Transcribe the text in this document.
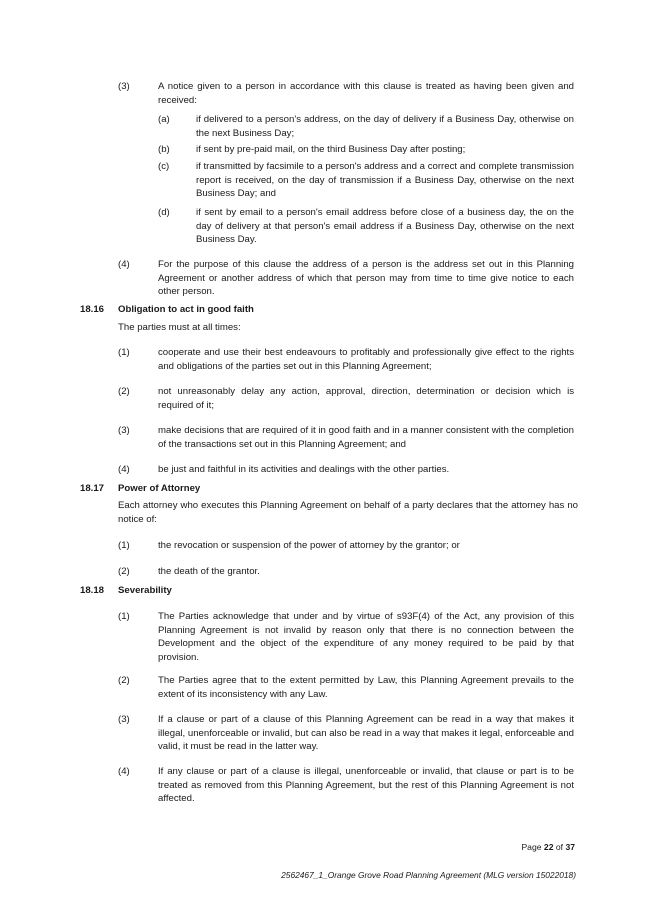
(3)	A notice given to a person in accordance with this clause is treated as having been given and received:
(a)	if delivered to a person's address, on the day of delivery if a Business Day, otherwise on the next Business Day;
(b)	if sent by pre-paid mail, on the third Business Day after posting;
(c)	if transmitted by facsimile to a person's address and a correct and complete transmission report is received, on the day of transmission if a Business Day, otherwise on the next Business Day; and
(d)	if sent by email to a person's email address before close of a business day, the on the day of delivery at that person's email address if a Business Day, otherwise on the next Business Day.
(4)	For the purpose of this clause the address of a person is the address set out in this Planning Agreement or another address of which that person may from time to time give notice to each other person.
18.16 Obligation to act in good faith
The parties must at all times:
(1)	cooperate and use their best endeavours to profitably and professionally give effect to the rights and obligations of the parties set out in this Planning Agreement;
(2)	not unreasonably delay any action, approval, direction, determination or decision which is required of it;
(3)	make decisions that are required of it in good faith and in a manner consistent with the completion of the transactions set out in this Planning Agreement; and
(4)	be just and faithful in its activities and dealings with the other parties.
18.17 Power of Attorney
Each attorney who executes this Planning Agreement on behalf of a party declares that the attorney has no notice of:
(1)	the revocation or suspension of the power of attorney by the grantor; or
(2)	the death of the grantor.
18.18 Severability
(1)	The Parties acknowledge that under and by virtue of s93F(4) of the Act, any provision of this Planning Agreement is not invalid by reason only that there is no connection between the Development and the object of the expenditure of any money required to be paid by that provision.
(2)	The Parties agree that to the extent permitted by Law, this Planning Agreement prevails to the extent of its inconsistency with any Law.
(3)	If a clause or part of a clause of this Planning Agreement can be read in a way that makes it illegal, unenforceable or invalid, but can also be read in a way that makes it legal, enforceable and valid, it must be read in the latter way.
(4)	If any clause or part of a clause is illegal, unenforceable or invalid, that clause or part is to be treated as removed from this Planning Agreement, but the rest of this Planning Agreement is not affected.
Page 22 of 37
2562467_1_Orange Grove Road Planning Agreement (MLG version 15022018)
